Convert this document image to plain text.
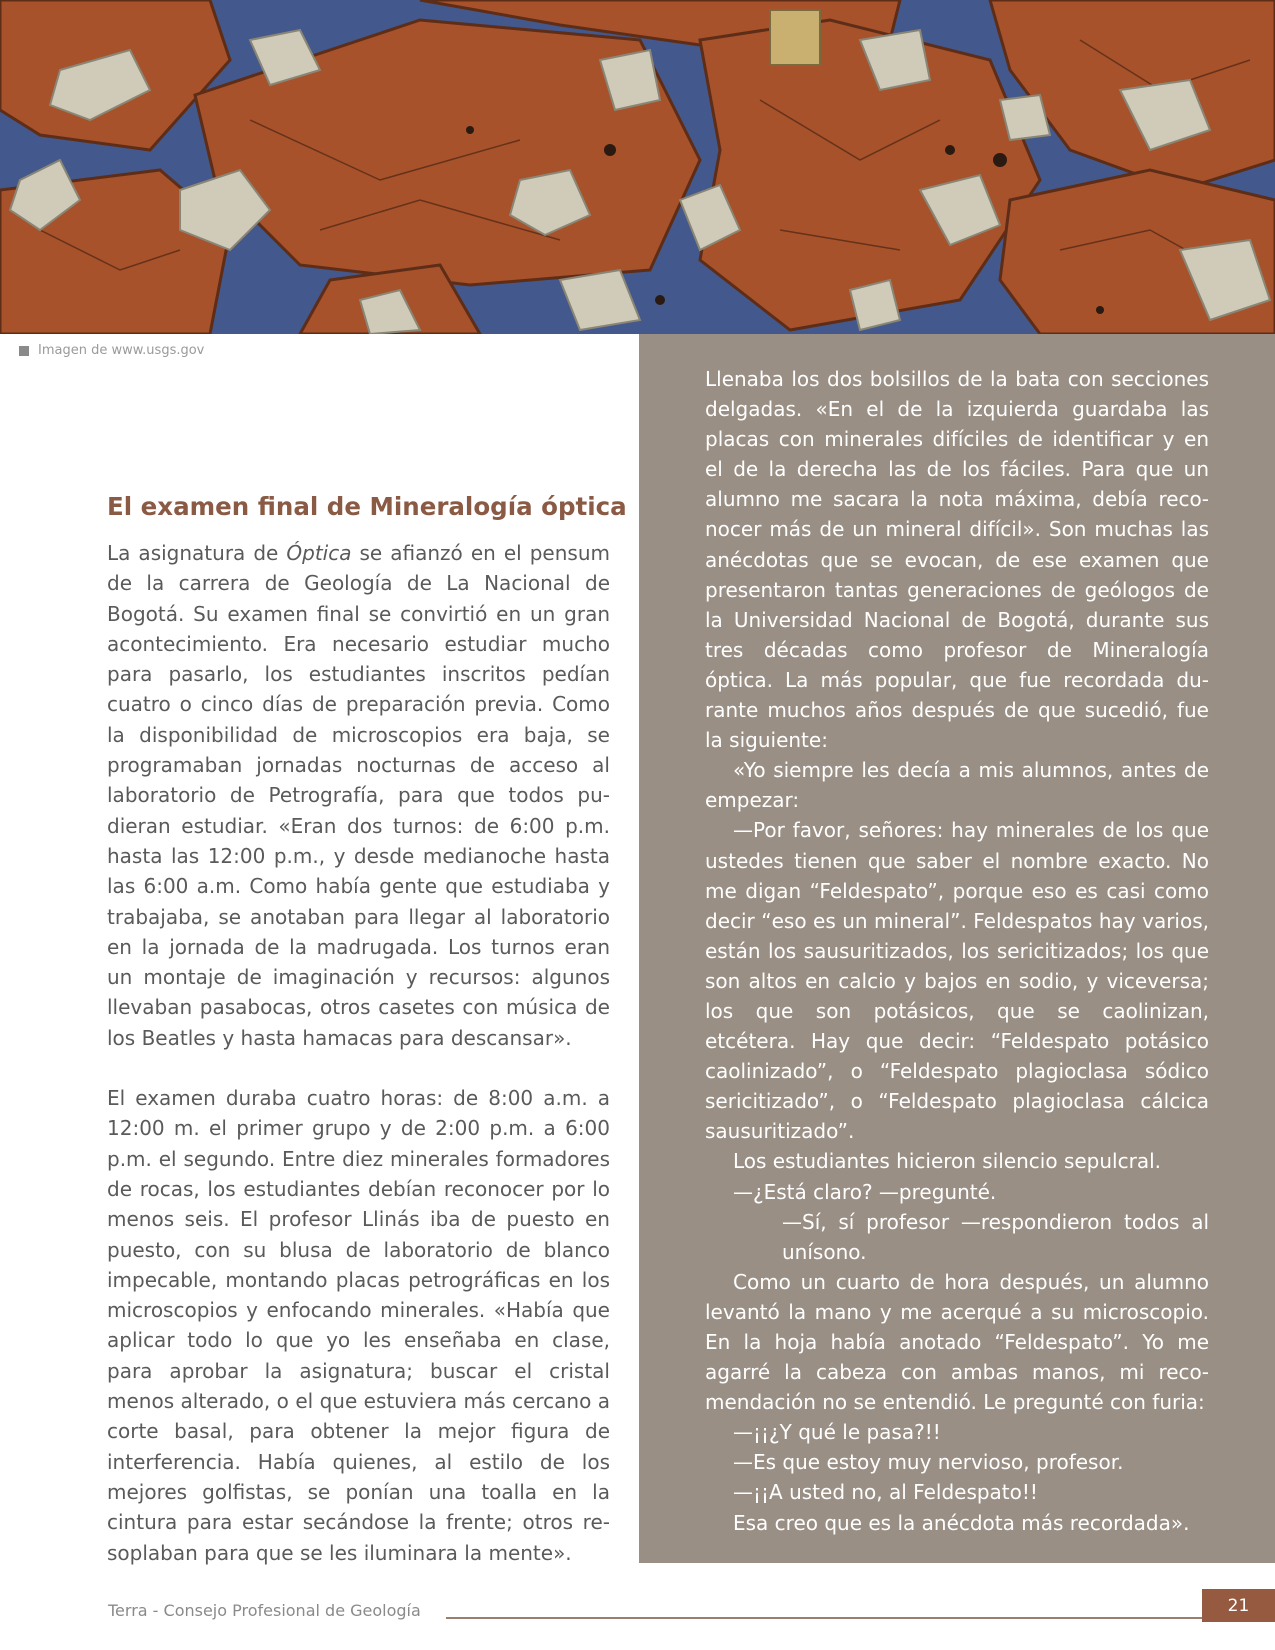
Imagen de www.usgs.gov
El examen final de Mineralogía óptica

La asignatura de Óptica se afianzó en el pensum de la carrera de Geología de La Nacional de Bogotá. Su examen final se convirtió en un gran acontecimiento. Era necesario estudiar mucho para pasarlo, los estudiantes inscritos pedían cuatro o cinco días de preparación previa. Como la disponibilidad de microscopios era baja, se programaban jornadas nocturnas de acceso al laboratorio de Petrografía, para que todos pudieran estudiar. «Eran dos turnos: de 6:00 p.m. hasta las 12:00 p.m., y desde medianoche hasta las 6:00 a.m. Como había gente que estudiaba y trabajaba, se anotaban para llegar al laboratorio en la jornada de la madrugada. Los turnos eran un montaje de imaginación y recursos: algunos llevaban pasabocas, otros casetes con música de los Beatles y hasta hamacas para descansar».

El examen duraba cuatro horas: de 8:00 a.m. a 12:00 m. el primer grupo y de 2:00 p.m. a 6:00 p.m. el segundo. Entre diez minerales formadores de rocas, los estudiantes debían reconocer por lo menos seis. El profesor Llinás iba de puesto en puesto, con su blusa de laboratorio de blanco impecable, montando placas petrográficas en los microscopios y enfocando minerales. «Había que aplicar todo lo que yo les enseñaba en clase, para aprobar la asignatura; buscar el cristal menos alterado, o el que estuviera más cercano a corte basal, para obtener la mejor figura de interferencia. Había quienes, al estilo de los mejores golfistas, se ponían una toalla en la cintura para estar secándose la frente; otros resoplaban para que se les iluminara la mente».

Llenaba los dos bolsillos de la bata con secciones delgadas. «En el de la izquierda guardaba las placas con minerales difíciles de identificar y en el de la derecha las de los fáciles. Para que un alumno me sacara la nota máxima, debía reconocer más de un mineral difícil». Son muchas las anécdotas que se evocan, de ese examen que presentaron tantas generaciones de geólogos de la Universidad Nacional de Bogotá, durante sus tres décadas como profesor de Mineralogía óptica. La más popular, que fue recordada durante muchos años después de que sucedió, fue la siguiente:

«Yo siempre les decía a mis alumnos, antes de empezar:

—Por favor, señores: hay minerales de los que ustedes tienen que saber el nombre exacto. No me digan “Feldespato”, porque eso es casi como decir “eso es un mineral”. Feldespatos hay varios, están los sausuritizados, los sericitizados; los que son altos en calcio y bajos en sodio, y viceversa; los que son potásicos, que se caolinizan, etcétera. Hay que decir: “Feldespato potásico caolinizado”, o “Feldespato plagioclasa sódico sericitizado”, o “Feldespato plagioclasa cálcica sausuritizado”.

Los estudiantes hicieron silencio sepulcral.

—¿Está claro? —pregunté.

—Sí, sí profesor —respondieron todos al unísono.

Como un cuarto de hora después, un alumno levantó la mano y me acerqué a su microscopio. En la hoja había anotado “Feldespato”. Yo me agarré la cabeza con ambas manos, mi recomendación no se entendió. Le pregunté con furia:

—¡¡¿Y qué le pasa?!!

—Es que estoy muy nervioso, profesor.

—¡¡A usted no, al Feldespato!!

Esa creo que es la anécdota más recordada».

Terra - Consejo Profesional de Geología	21
